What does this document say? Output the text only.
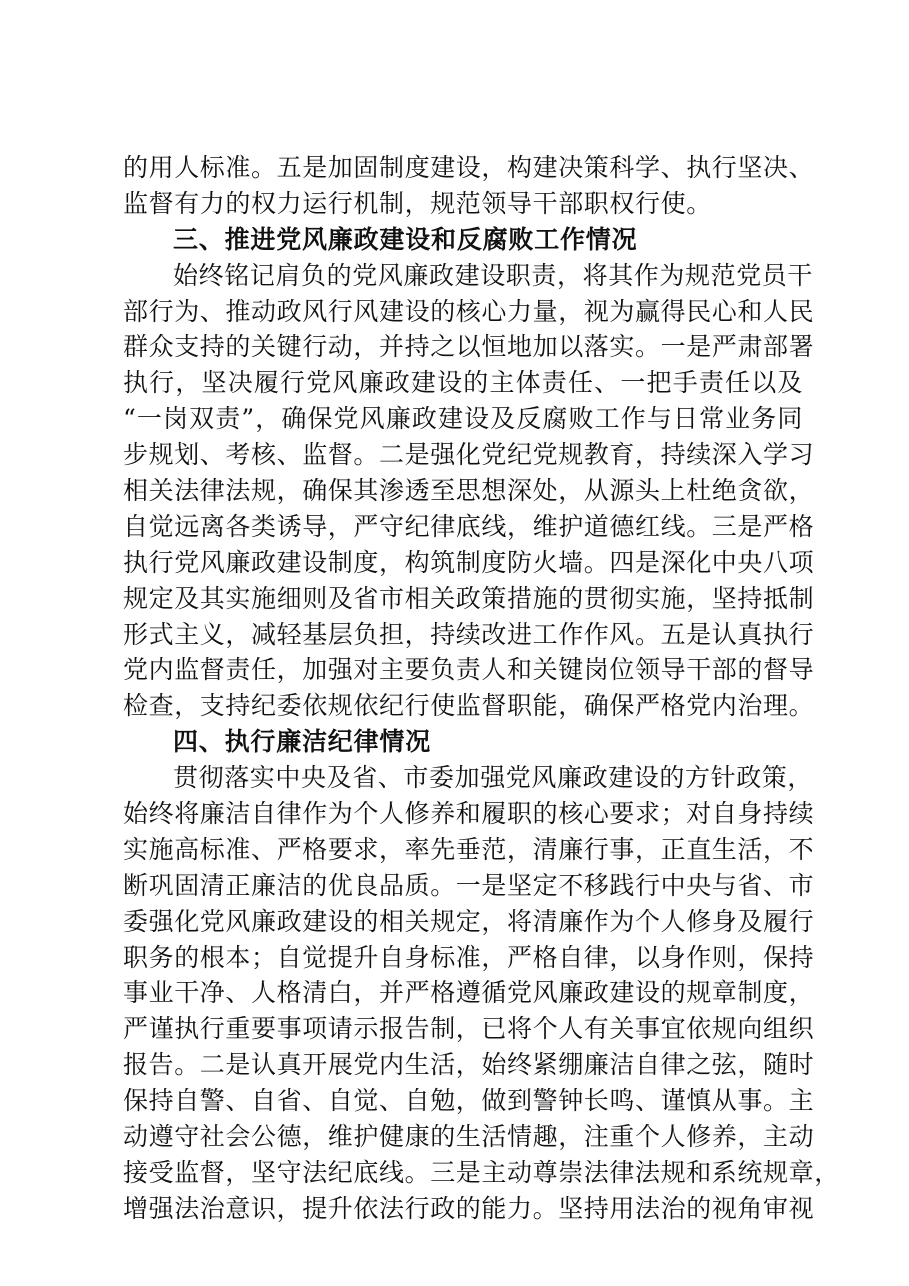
的用人标准。五是加固制度建设，构建决策科学、执行坚决、
监督有力的权力运行机制，规范领导干部职权行使。
三、推进党风廉政建设和反腐败工作情况
始终铭记肩负的党风廉政建设职责，将其作为规范党员干
部行为、推动政风行风建设的核心力量，视为赢得民心和人民
群众支持的关键行动，并持之以恒地加以落实。一是严肃部署
执行，坚决履行党风廉政建设的主体责任、一把手责任以及
“一岗双责”，确保党风廉政建设及反腐败工作与日常业务同
步规划、考核、监督。二是强化党纪党规教育，持续深入学习
相关法律法规，确保其渗透至思想深处，从源头上杜绝贪欲，
自觉远离各类诱导，严守纪律底线，维护道德红线。三是严格
执行党风廉政建设制度，构筑制度防火墙。四是深化中央八项
规定及其实施细则及省市相关政策措施的贯彻实施，坚持抵制
形式主义，减轻基层负担，持续改进工作作风。五是认真执行
党内监督责任，加强对主要负责人和关键岗位领导干部的督导
检查，支持纪委依规依纪行使监督职能，确保严格党内治理。
四、执行廉洁纪律情况
贯彻落实中央及省、市委加强党风廉政建设的方针政策，
始终将廉洁自律作为个人修养和履职的核心要求；对自身持续
实施高标准、严格要求，率先垂范，清廉行事，正直生活，不
断巩固清正廉洁的优良品质。一是坚定不移践行中央与省、市
委强化党风廉政建设的相关规定，将清廉作为个人修身及履行
职务的根本；自觉提升自身标准，严格自律，以身作则，保持
事业干净、人格清白，并严格遵循党风廉政建设的规章制度，
严谨执行重要事项请示报告制，已将个人有关事宜依规向组织
报告。二是认真开展党内生活，始终紧绷廉洁自律之弦，随时
保持自警、自省、自觉、自勉，做到警钟长鸣、谨慎从事。主
动遵守社会公德，维护健康的生活情趣，注重个人修养，主动
接受监督，坚守法纪底线。三是主动尊崇法律法规和系统规章，
增强法治意识，提升依法行政的能力。坚持用法治的视角审视
